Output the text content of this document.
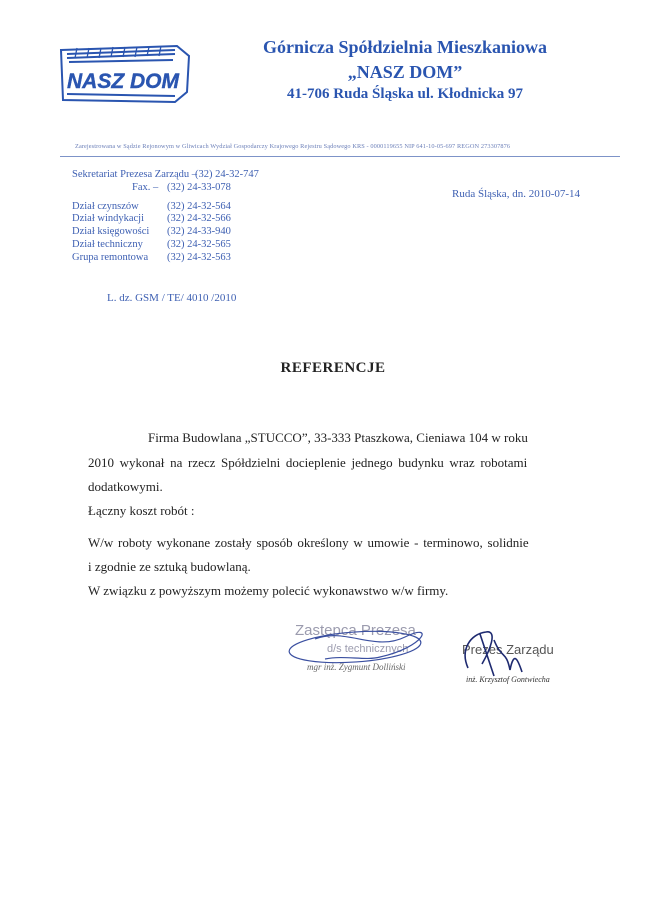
NASZ DOM
Górnicza Spółdzielnia Mieszkaniowa
„NASZ DOM”
41-706 Ruda Śląska ul. Kłodnicka 97
Zarejestrowana w Sądzie Rejonowym w Gliwicach Wydział Gospodarczy Krajowego Rejestru Sądowego KRS - 0000119655 NIP 641-10-05-697 REGON 273307876
Sekretariat Prezesa Zarządu –
(32) 24-32-747
Fax. – (32) 24-33-078
Dział czynszów	(32) 24-32-564
Dział windykacji (32) 24-32-566
Dział księgowości (32) 24-33-940
Dział techniczny (32) 24-32-565
Grupa remontowa (32) 24-32-563
Ruda Śląska, dn. 2010-07-14
L. dz. GSM / TE/ 4010 /2010
REFERENCJE
Firma Budowlana „STUCCO”, 33-333 Ptaszkowa, Cieniawa 104 w roku
2010 wykonał na rzecz Spółdzielni docieplenie jednego budynku wraz robotami
dodatkowymi.
Łączny koszt robót :
W/w roboty wykonane zostały sposób określony w umowie - terminowo, solidnie
i zgodnie ze sztuką budowlaną.
W związku z powyższym możemy polecić wykonawstwo w/w firmy.
Zastępca Prezesa
d/s technicznych
mgr inż. Zygmunt Dolliński
Prezes Zarządu
inż. Krzysztof Gontwiecha
